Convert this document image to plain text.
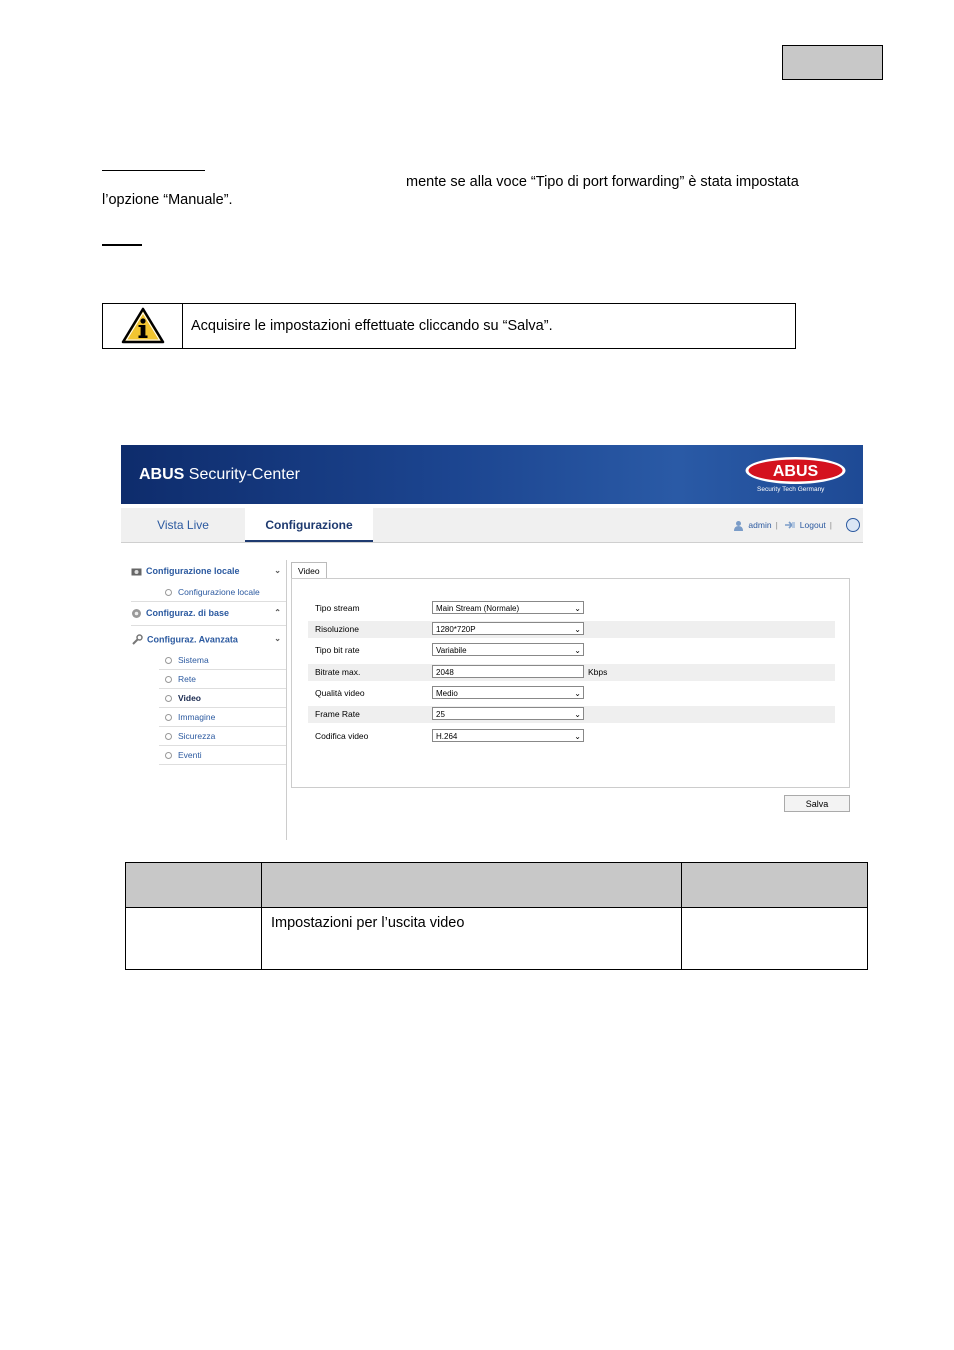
mente se alla voce “Tipo di port forwarding” è stata impostata
l’opzione “Manuale”.
Acquisire le impostazioni effettuate cliccando su “Salva”.
ABUS Security-Center	ABUS
Security Tech Germany
Vista Live	Configurazione	admin |	Logout |
Configurazione locale	⌄
Configurazione locale
Configuraz. di base	⌃
Configuraz. Avanzata	⌄
Sistema
Rete
Video
Immagine
Sicurezza
Eventi
Video
Tipo stream	Main Stream (Normale)	⌄
Risoluzione	1280*720P	⌄
Tipo bit rate	Variabile	⌄
Bitrate max.	2048	Kbps
Qualità video	Medio	⌄
Frame Rate	25	⌄
Codifica video	H.264	⌄
Salva
Impostazioni per l’uscita video
